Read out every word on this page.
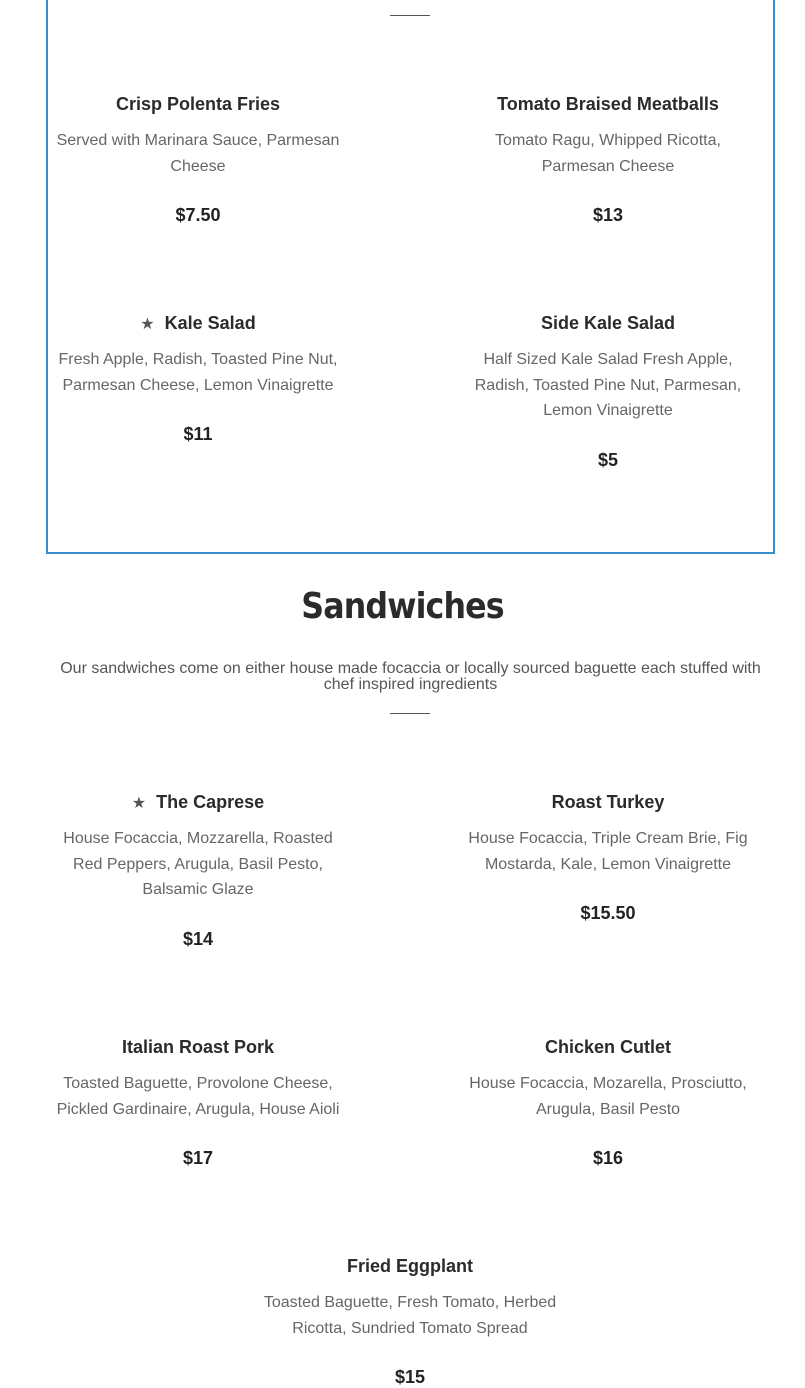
Crisp Polenta Fries
Served with Marinara Sauce, Parmesan Cheese
$7.50
Tomato Braised Meatballs
Tomato Ragu, Whipped Ricotta, Parmesan Cheese
$13
★ Kale Salad
Fresh Apple, Radish, Toasted Pine Nut, Parmesan Cheese, Lemon Vinaigrette
$11
Side Kale Salad
Half Sized Kale Salad Fresh Apple, Radish, Toasted Pine Nut, Parmesan, Lemon Vinaigrette
$5
Sandwiches
Our sandwiches come on either house made focaccia or locally sourced baguette each stuffed with chef inspired ingredients
★ The Caprese
House Focaccia, Mozzarella, Roasted Red Peppers, Arugula, Basil Pesto, Balsamic Glaze
$14
Roast Turkey
House Focaccia, Triple Cream Brie, Fig Mostarda, Kale, Lemon Vinaigrette
$15.50
Italian Roast Pork
Toasted Baguette, Provolone Cheese, Pickled Gardinaire, Arugula, House Aioli
$17
Chicken Cutlet
House Focaccia, Mozarella, Prosciutto, Arugula, Basil Pesto
$16
Fried Eggplant
Toasted Baguette, Fresh Tomato, Herbed Ricotta, Sundried Tomato Spread
$15
